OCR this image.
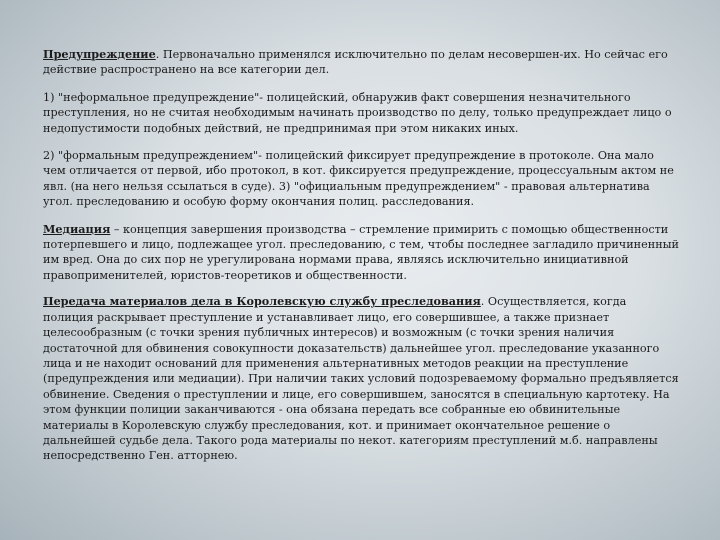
Предупреждение. Первоначально применялся исключительно по делам несовершен-их. Но сейчас его действие распространено на все категории дел.

1) "неформальное предупреждение"- полицейский, обнаружив факт совершения незначительного преступления, но не считая необходимым начинать производство по делу, только предупреждает лицо о недопустимости подобных действий, не предпринимая при этом никаких иных.

2) "формальным предупреждением"- полицейский фиксирует предупреждение в протоколе. Она мало чем отличается от первой, ибо протокол, в кот. фиксируется предупреждение, процессуальным актом не явл. (на него нельзя ссылаться в суде). 3) "официальным предупреждением" - правовая альтернатива угол. преследованию и особую форму окончания полиц. расследования.

Медиация – концепция завершения производства – стремление примирить с помощью общественности потерпевшего и лицо, подлежащее угол. преследованию, с тем, чтобы последнее загладило причиненный им вред. Она до сих пор не урегулирована нормами права, являясь исключительно инициативной правоприменителей, юристов-теоретиков и общественности.

Передача материалов дела в Королевскую службу преследования. Осуществляется, когда полиция раскрывает преступление и устанавливает лицо, его совершившее, а также признает целесообразным (с точки зрения публичных интересов) и возможным (с точки зрения наличия достаточной для обвинения совокупности доказательств) дальнейшее угол. преследование указанного лица и не находит оснований для применения альтернативных методов реакции на преступление (предупреждения или медиации). При наличии таких условий подозреваемому формально предъявляется обвинение. Сведения о преступлении и лице, его совершившем, заносятся в специальную картотеку. На этом функции полиции заканчиваются - она обязана передать все собранные ею обвинительные материалы в Королевскую службу преследования, кот. и принимает окончательное решение о дальнейшей судьбе дела. Такого рода материалы по некот. категориям преступлений м.б. направлены непосредственно Ген. атторнею.
